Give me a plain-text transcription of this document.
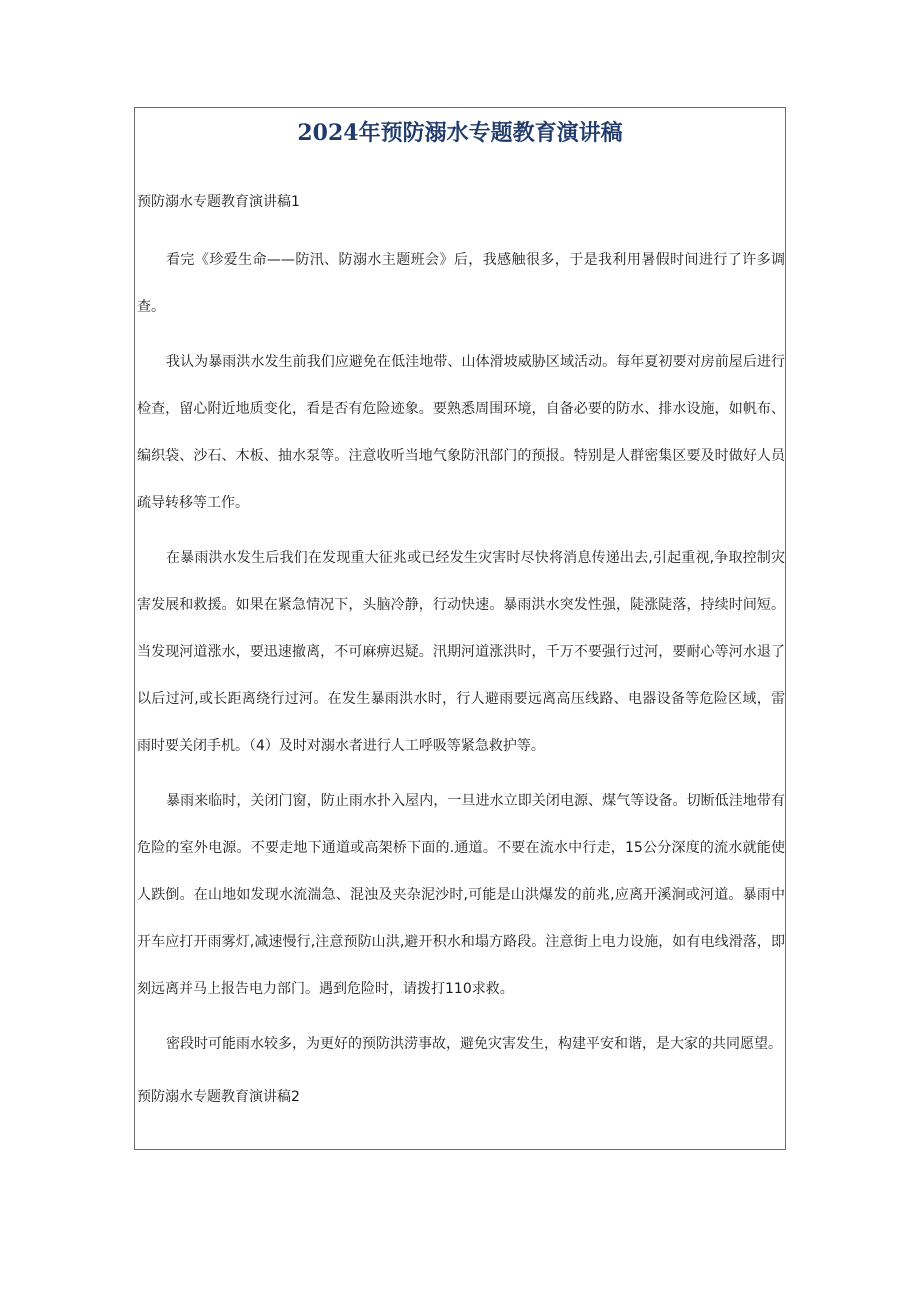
2024年预防溺水专题教育演讲稿
预防溺水专题教育演讲稿1

看完《珍爱生命——防汛、防溺水主题班会》后，我感触很多，于是我利用暑假时间进行了许多调查。

我认为暴雨洪水发生前我们应避免在低洼地带、山体滑坡威胁区域活动。每年夏初要对房前屋后进行检查，留心附近地质变化，看是否有危险迹象。要熟悉周围环境，自备必要的防水、排水设施，如帆布、编织袋、沙石、木板、抽水泵等。注意收听当地气象防汛部门的预报。特别是人群密集区要及时做好人员疏导转移等工作。

在暴雨洪水发生后我们在发现重大征兆或已经发生灾害时尽快将消息传递出去,引起重视,争取控制灾害发展和救援。如果在紧急情况下，头脑冷静，行动快速。暴雨洪水突发性强，陡涨陡落，持续时间短。当发现河道涨水，要迅速撤离，不可麻痹迟疑。汛期河道涨洪时，千万不要强行过河，要耐心等河水退了以后过河,或长距离绕行过河。在发生暴雨洪水时，行人避雨要远离高压线路、电器设备等危险区域，雷雨时要关闭手机。（4）及时对溺水者进行人工呼吸等紧急救护等。

暴雨来临时，关闭门窗，防止雨水扑入屋内，一旦进水立即关闭电源、煤气等设备。切断低洼地带有危险的室外电源。不要走地下通道或高架桥下面的.通道。不要在流水中行走，15公分深度的流水就能使人跌倒。在山地如发现水流湍急、混浊及夹杂泥沙时,可能是山洪爆发的前兆,应离开溪涧或河道。暴雨中开车应打开雨雾灯,减速慢行,注意预防山洪,避开积水和塌方路段。注意街上电力设施，如有电线滑落，即刻远离并马上报告电力部门。遇到危险时，请拨打110求救。

密段时可能雨水较多，为更好的预防洪涝事故，避免灾害发生，构建平安和谐，是大家的共同愿望。

预防溺水专题教育演讲稿2
